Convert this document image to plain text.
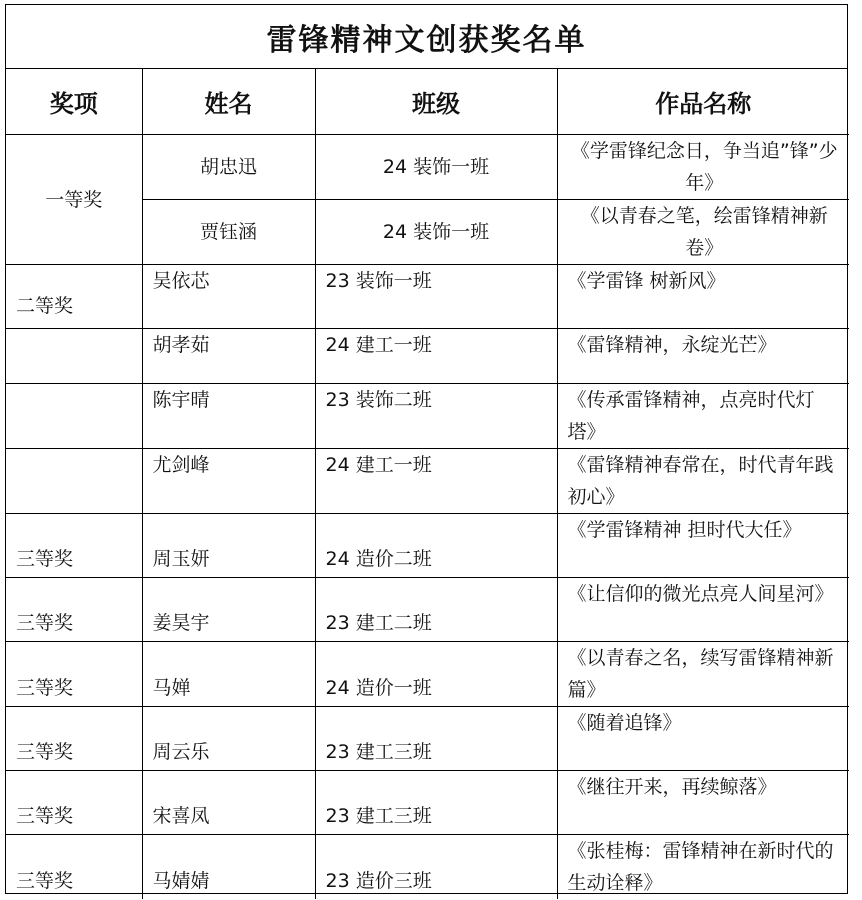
雷锋精神文创获奖名单
奖项	姓名	班级	作品名称
一等奖	胡忠迅	24 装饰一班	《学雷锋纪念日，争当追”锋”少年》
	贾钰涵	24 装饰一班	《以青春之笔，绘雷锋精神新卷》
二等奖	吴依芯	23 装饰一班	《学雷锋 树新风》
	胡孝茹	24 建工一班	《雷锋精神，永绽光芒》
	陈宇晴	23 装饰二班	《传承雷锋精神，点亮时代灯塔》
	尤剑峰	24 建工一班	《雷锋精神春常在，时代青年践初心》
三等奖	周玉妍	24 造价二班	《学雷锋精神 担时代大任》
三等奖	姜昊宇	23 建工二班	《让信仰的微光点亮人间星河》
三等奖	马婵	24 造价一班	《以青春之名，续写雷锋精神新篇》
三等奖	周云乐	23 建工三班	《随着追锋》
三等奖	宋喜凤	23 建工三班	《继往开来，再续鲸落》
三等奖	马婧婧	23 造价三班	《张桂梅：雷锋精神在新时代的生动诠释》
